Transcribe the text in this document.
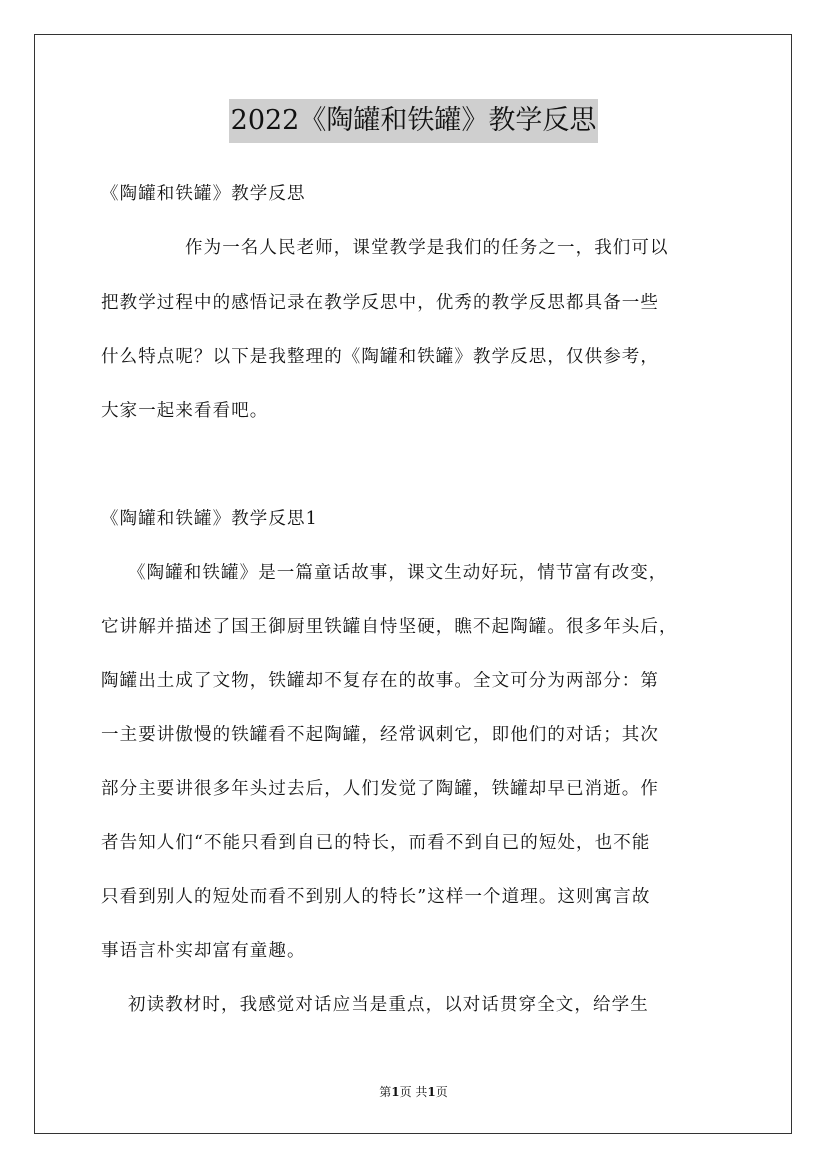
2022《陶罐和铁罐》教学反思
《陶罐和铁罐》教学反思
作为一名人民老师，课堂教学是我们的任务之一，我们可以
把教学过程中的感悟记录在教学反思中，优秀的教学反思都具备一些
什么特点呢？以下是我整理的《陶罐和铁罐》教学反思，仅供参考，
大家一起来看看吧。
《陶罐和铁罐》教学反思1
《陶罐和铁罐》是一篇童话故事，课文生动好玩，情节富有改变，
它讲解并描述了国王御厨里铁罐自恃坚硬，瞧不起陶罐。很多年头后，
陶罐出土成了文物，铁罐却不复存在的故事。全文可分为两部分：第
一主要讲傲慢的铁罐看不起陶罐，经常讽刺它，即他们的对话；其次
部分主要讲很多年头过去后，人们发觉了陶罐，铁罐却早已消逝。作
者告知人们“不能只看到自已的特长，而看不到自已的短处，也不能
只看到别人的短处而看不到别人的特长”这样一个道理。这则寓言故
事语言朴实却富有童趣。
初读教材时，我感觉对话应当是重点，以对话贯穿全文，给学生
第1页 共1页
